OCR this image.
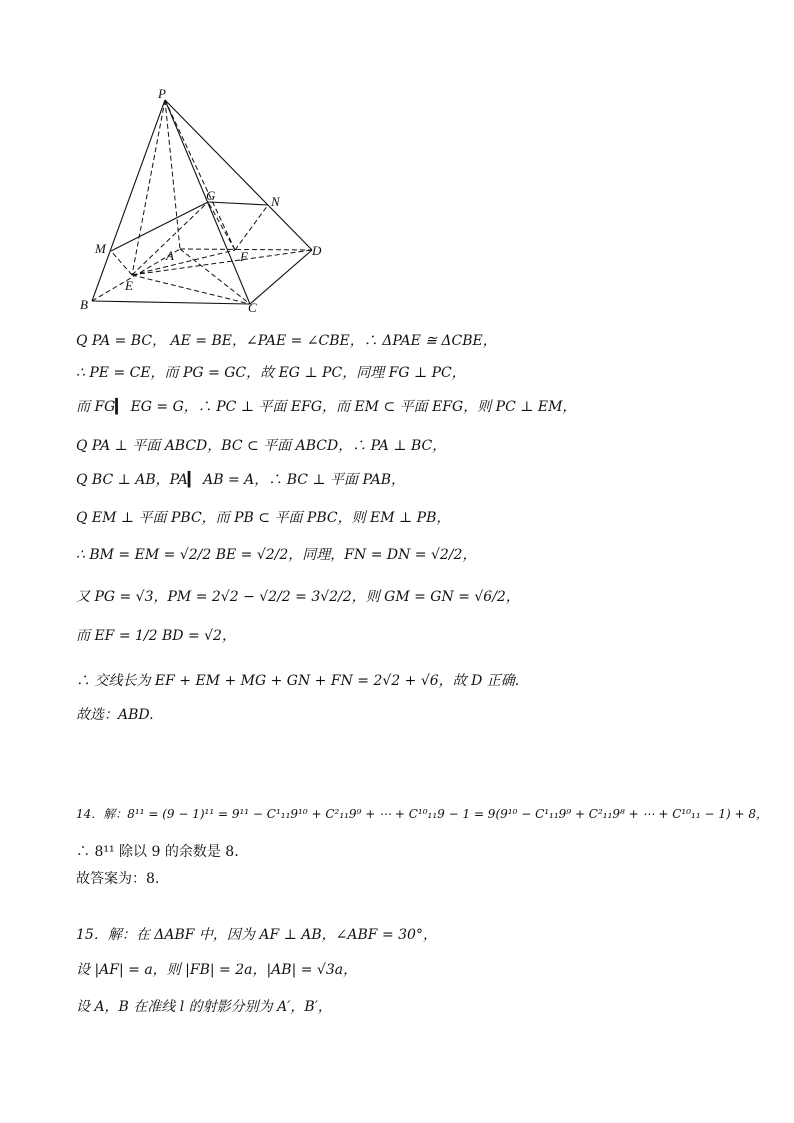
P
G	N
M	A	F	D
E
B	C
Q PA = BC， AE = BE，∠PAE = ∠CBE，∴ ΔPAE ≅ ΔCBE，
∴ PE = CE，而 PG = GC，故 EG ⊥ PC，同理 FG ⊥ PC，
而 FG▎ EG = G，∴ PC ⊥ 平面 EFG，而 EM ⊂ 平面 EFG，则 PC ⊥ EM，
Q PA ⊥ 平面 ABCD，BC ⊂ 平面 ABCD，∴ PA ⊥ BC，
Q BC ⊥ AB，PA▎ AB = A，∴ BC ⊥ 平面 PAB，
Q EM ⊥ 平面 PBC，而 PB ⊂ 平面 PBC，则 EM ⊥ PB，
∴ BM = EM = √2/2 BE = √2/2，同理，FN = DN = √2/2，
又 PG = √3，PM = 2√2 − √2/2 = 3√2/2，则 GM = GN = √6/2，
而 EF = 1/2 BD = √2，
∴ 交线长为 EF + EM + MG + GN + FN = 2√2 + √6，故 D 正确.
故选：ABD.
14．解：8¹¹ = (9 − 1)¹¹ = 9¹¹ − C¹₁₁9¹⁰ + C²₁₁9⁹ + ⋯ + C¹⁰₁₁9 − 1 = 9(9¹⁰ − C¹₁₁9⁹ + C²₁₁9⁸ + ⋯ + C¹⁰₁₁ − 1) + 8，
∴ 8¹¹ 除以 9 的余数是 8.
故答案为：8.
15．解：在 ΔABF 中，因为 AF ⊥ AB，∠ABF = 30°，
设 |AF| = a，则 |FB| = 2a，|AB| = √3a，
设 A，B 在准线 l 的射影分别为 A′，B′，
